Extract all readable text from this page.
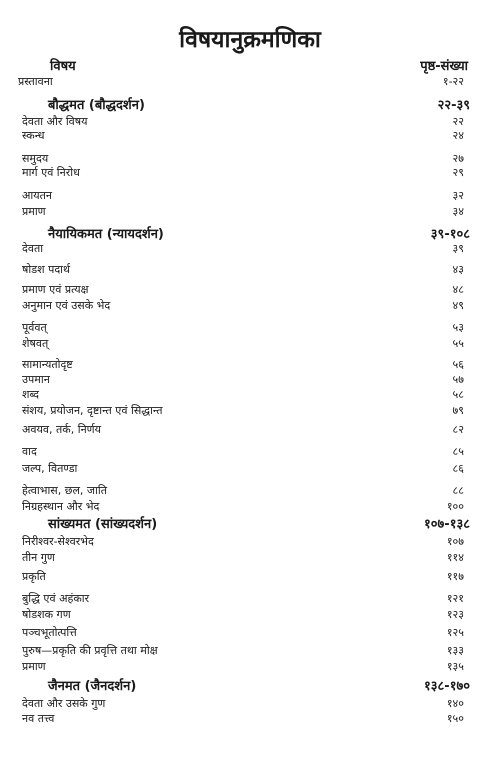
विषयानुक्रमणिका
विषय	पृष्ठ-संख्या
प्रस्तावना	१-२२
बौद्धमत (बौद्धदर्शन)	२२-३९
देवता और विषय	२२
स्कन्ध	२४
समुदय	२७
मार्ग एवं निरोध	२९
आयतन	३२
प्रमाण	३४
नैयायिकमत (न्यायदर्शन)	३९-१०८
देवता	३९
षोडश पदार्थ	४३
प्रमाण एवं प्रत्यक्ष	४८
अनुमान एवं उसके भेद	४९
पूर्ववत्	५३
शेषवत्	५५
सामान्यतोदृष्ट	५६
उपमान	५७
शब्द	५८
संशय, प्रयोजन, दृष्टान्त एवं सिद्धान्त	७९
अवयव, तर्क, निर्णय	८२
वाद	८५
जल्प, वितण्डा	८६
हेत्वाभास, छल, जाति	८८
निग्रहस्थान और भेद	१००
सांख्यमत (सांख्यदर्शन)	१०७-१३८
निरीश्वर-सेश्वरभेद	१०७
तीन गुण	११४
प्रकृति	११७
बुद्धि एवं अहंकार	१२१
षोडशक गण	१२३
पञ्चभूतोत्पत्ति	१२५
पुरुष—प्रकृति की प्रवृत्ति तथा मोक्ष	१३३
प्रमाण	१३५
जैनमत (जैनदर्शन)	१३८-१७०
देवता और उसके गुण	१४०
नव तत्त्व	१५०
